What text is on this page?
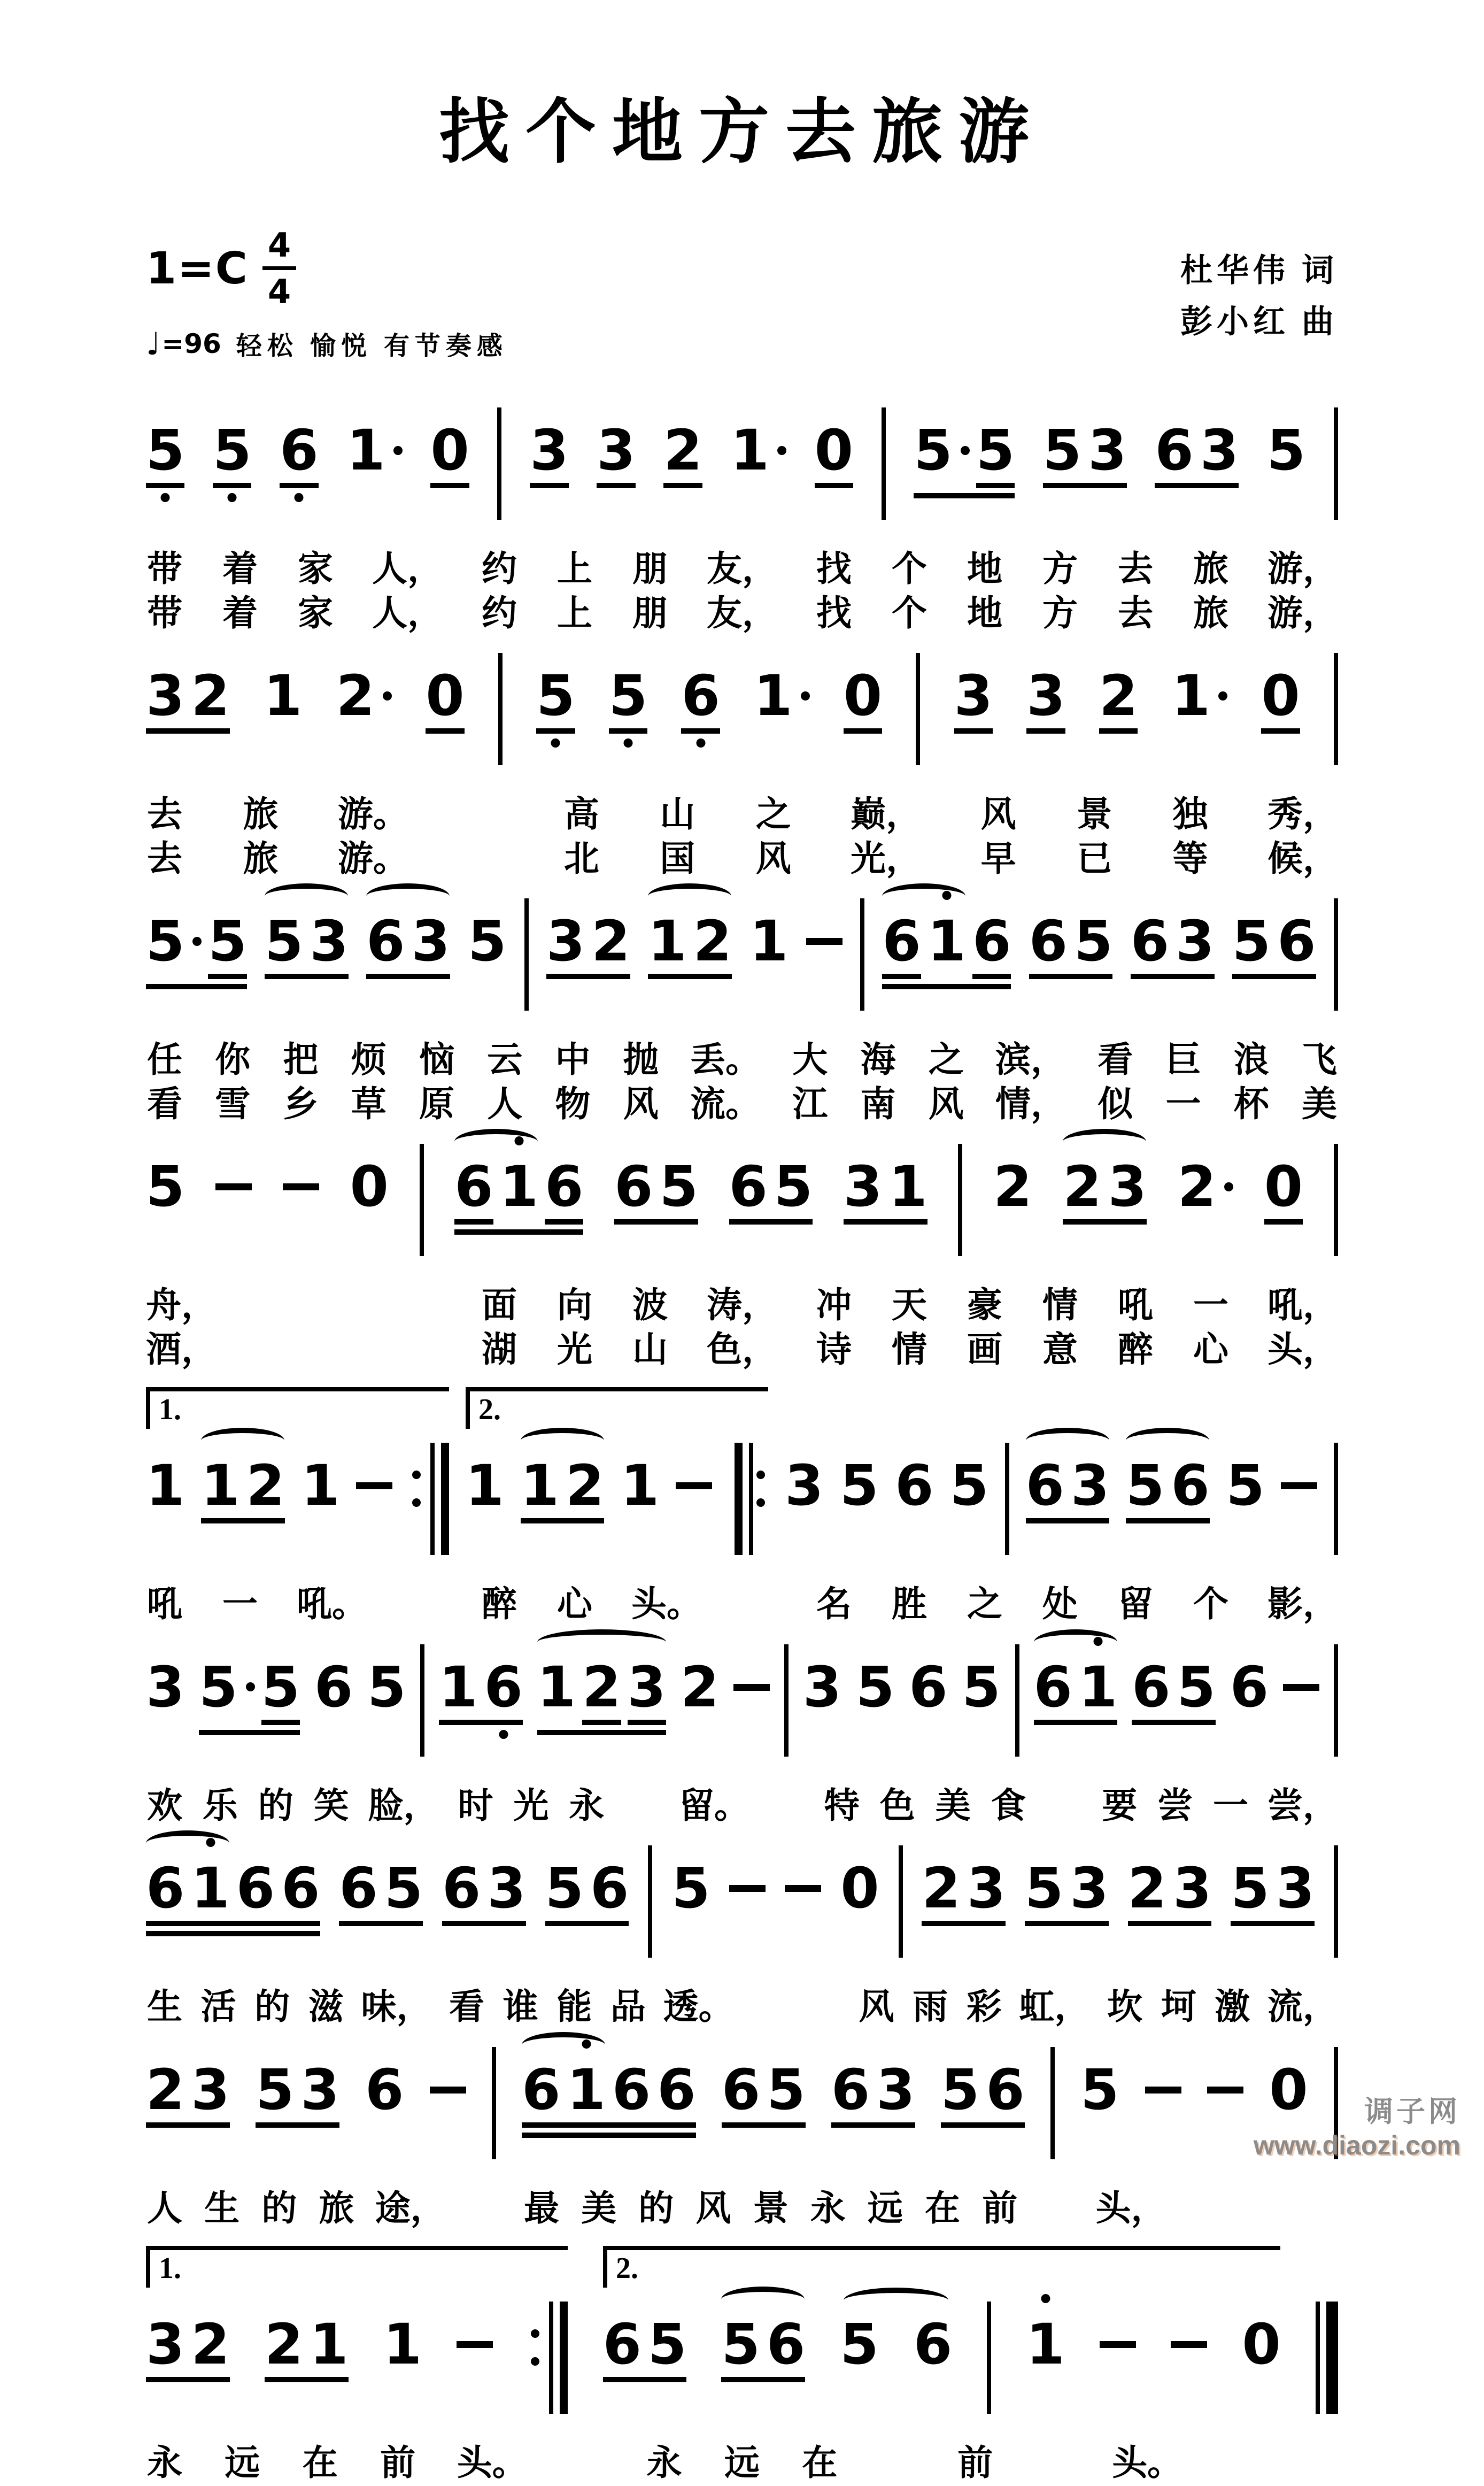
找个地方去旅游
$1=C \frac{4}{4}$
♩ =96 轻松 愉悦 有节奏感
杜华伟 词
彭小红 曲
5 5 6 1 0 3 3 2 1 0 5 5 5 3 6 3 5
带 着 家 人， 约 上 朋 友， 找 个 地 方 去 旅 游，
带 着 家 人， 约 上 朋 友， 找 个 地 方 去 旅 游，
3 2 1 2 0 5 5 6 1 0 3 3 2 1 0
去 旅 游。	高 山 之 巅， 风 景 独 秀，
去 旅 游。	北 国 风 光， 早 已 等 候，
5 5 5 3 6 3 5 3 2 1 2 1 6 1 6 6 5 6 3 5 6
任 你 把 烦 恼 云 中 抛 丢。 大 海 之 滨， 看 巨 浪 飞
看 雪 乡 草 原 人 物 风 流。 江 南 风 情， 似 一 杯 美
5	0 6 1 6 6 5 6 5 3 1 2 2 3 2 0
舟，	面 向 波 涛， 冲 天 豪 情 吼 一 吼，
酒，	湖 光 山 色， 诗 情 画 意 醉 心 头，
1 1 2 1 1 1 2 1 3 5 6 5 6 3 5 6 5
吼 一 吼。	醉 心 头。	名 胜 之 处 留 个 影，
1.	2.
3 5 5 6 5 1 6 1 2 3 2 3 5 6 5 6 1 6 5 6
欢 乐 的 笑 脸， 时 光 永 留。 特 色 美 食 要 尝 一 尝，
6 1 6 6 6 5 6 3 5 6 5 0 2 3 5 3 2 3 5 3
生 活 的 滋 味， 看 谁 能 品 透。	风 雨 彩 虹， 坎 坷 激 流，
2 3 5 3 6 6 1 6 6 6 5 6 3 5 6 5	0
人 生 的 旅 途， 最 美 的 风 景 永 远 在 前 头，
3 2 2 1 1	6 5 5 6 5 6 1	0
永 远 在 前 头。	永 远 在	前	头。
1.	2.
调子网
www.diaozi.com
